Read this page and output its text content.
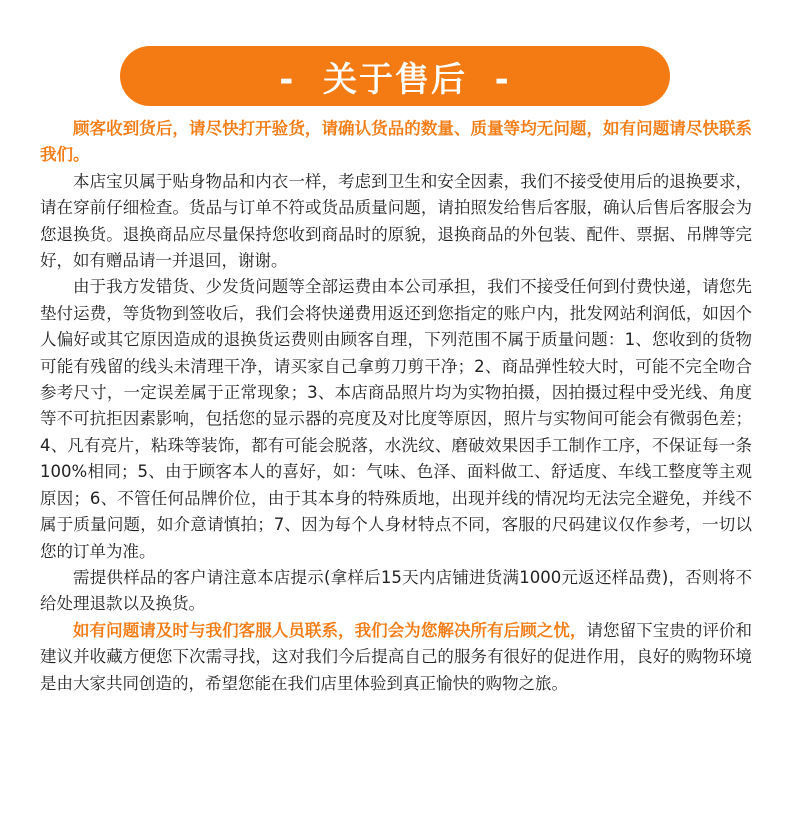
-  关于售后  -

顾客收到货后，请尽快打开验货，请确认货品的数量、质量等均无问题，如有问题请尽快联系我们。

本店宝贝属于贴身物品和内衣一样，考虑到卫生和安全因素，我们不接受使用后的退换要求，请在穿前仔细检查。货品与订单不符或货品质量问题，请拍照发给售后客服，确认后售后客服会为您退换货。退换商品应尽量保持您收到商品时的原貌，退换商品的外包装、配件、票据、吊牌等完好，如有赠品请一并退回，谢谢。

由于我方发错货、少发货问题等全部运费由本公司承担，我们不接受任何到付费快递，请您先垫付运费，等货物到签收后，我们会将快递费用返还到您指定的账户内，批发网站利润低，如因个人偏好或其它原因造成的退换货运费则由顾客自理，下列范围不属于质量问题：1、您收到的货物可能有残留的线头未清理干净，请买家自己拿剪刀剪干净；2、商品弹性较大时，可能不完全吻合参考尺寸，一定误差属于正常现象；3、本店商品照片均为实物拍摄，因拍摄过程中受光线、角度等不可抗拒因素影响，包括您的显示器的亮度及对比度等原因，照片与实物间可能会有微弱色差；4、凡有亮片，粘珠等装饰，都有可能会脱落，水洗纹、磨破效果因手工制作工序，不保证每一条100%相同；5、由于顾客本人的喜好，如：气味、色泽、面料做工、舒适度、车线工整度等主观原因；6、不管任何品牌价位，由于其本身的特殊质地，出现并线的情况均无法完全避免，并线不属于质量问题，如介意请慎拍；7、因为每个人身材特点不同，客服的尺码建议仅作参考，一切以您的订单为准。

需提供样品的客户请注意本店提示(拿样后15天内店铺进货满1000元返还样品费)，否则将不给处理退款以及换货。

如有问题请及时与我们客服人员联系，我们会为您解决所有后顾之忧，请您留下宝贵的评价和建议并收藏方便您下次需寻找，这对我们今后提高自己的服务有很好的促进作用，良好的购物环境是由大家共同创造的，希望您能在我们店里体验到真正愉快的购物之旅。
